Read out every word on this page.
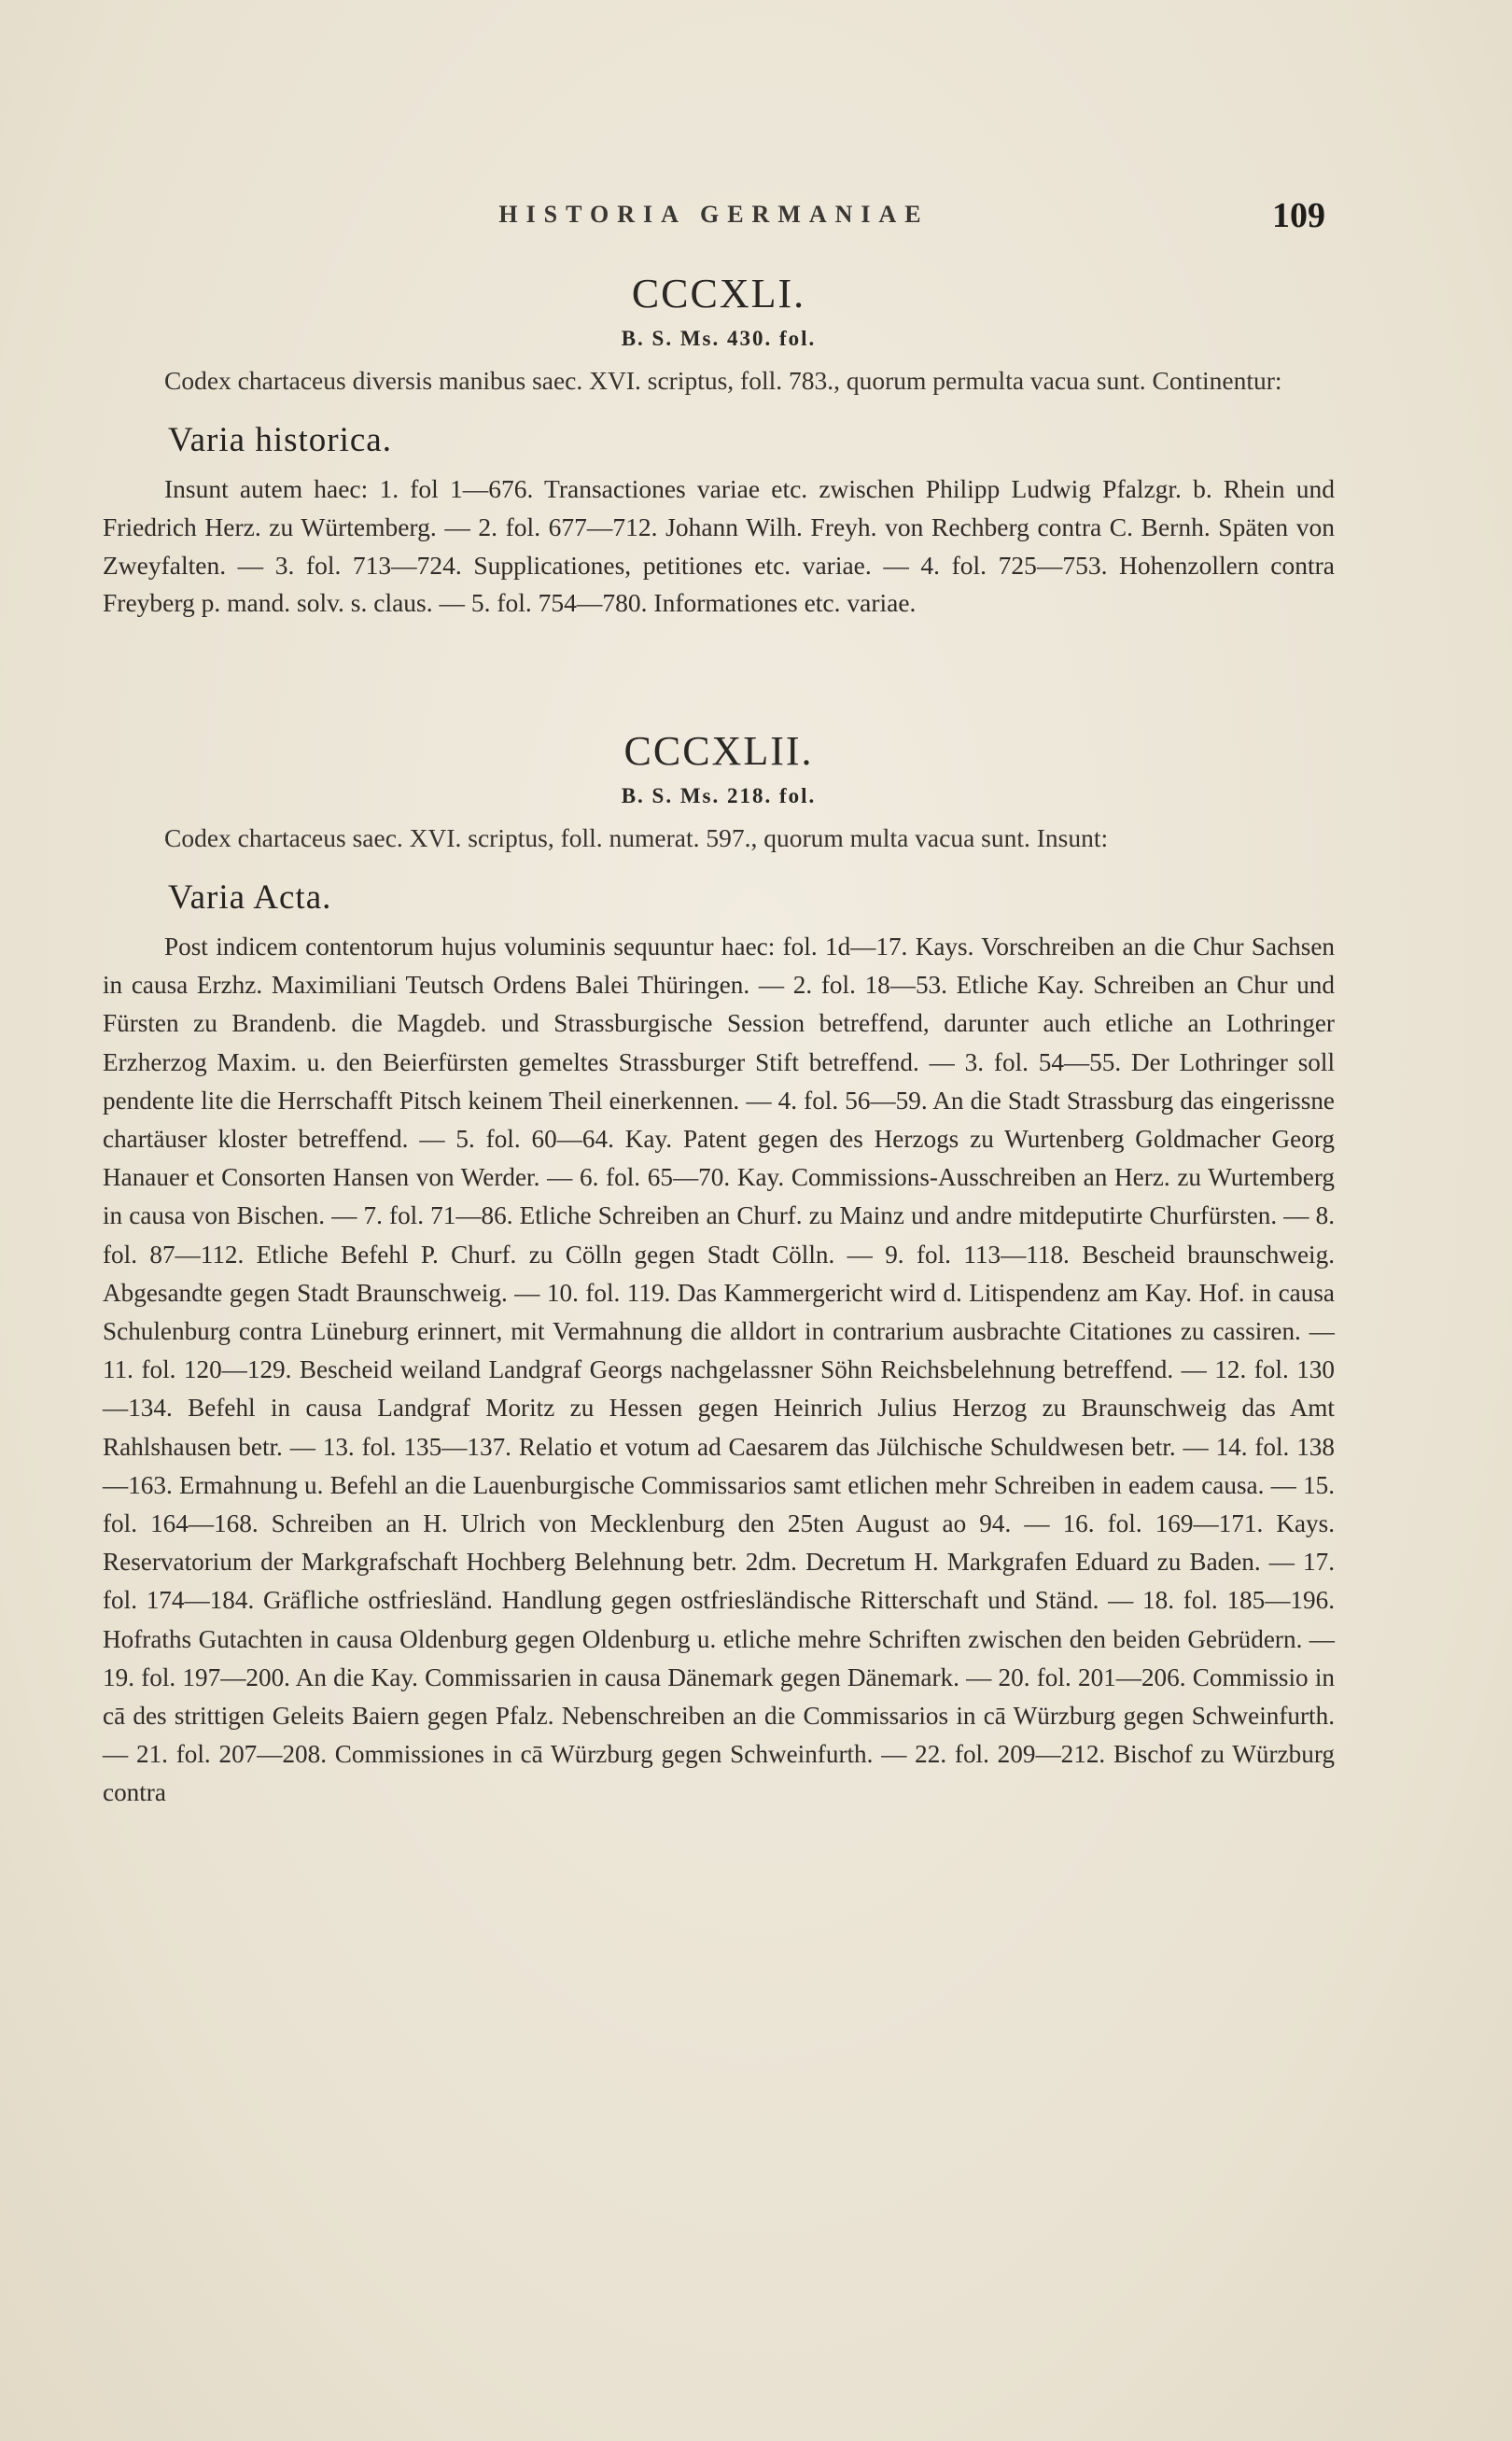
HISTORIA GERMANIAE	109

CCCXLI.

B. S. Ms. 430. fol.

Codex chartaceus diversis manibus saec. XVI. scriptus, foll. 783., quorum permulta vacua sunt. Continentur:

Varia historica.

Insunt autem haec: 1. fol 1—676. Transactiones variae etc. zwischen Philipp Ludwig Pfalzgr. b. Rhein und Friedrich Herz. zu Würtemberg. — 2. fol. 677—712. Johann Wilh. Freyh. von Rechberg contra C. Bernh. Späten von Zweyfalten. — 3. fol. 713—724. Supplicationes, petitiones etc. variae. — 4. fol. 725—753. Hohenzollern contra Freyberg p. mand. solv. s. claus. — 5. fol. 754—780. Informationes etc. variae.

CCCXLII.

B. S. Ms. 218. fol.

Codex chartaceus saec. XVI. scriptus, foll. numerat. 597., quorum multa vacua sunt. Insunt:

Varia Acta.

Post indicem contentorum hujus voluminis sequuntur haec: fol. 1d—17. Kays. Vorschreiben an die Chur Sachsen in causa Erzhz. Maximiliani Teutsch Ordens Balei Thüringen. — 2. fol. 18—53. Etliche Kay. Schreiben an Chur und Fürsten zu Brandenb. die Magdeb. und Strassburgische Session betreffend, darunter auch etliche an Lothringer Erzherzog Maxim. u. den Beierfürsten gemeltes Strassburger Stift betreffend. — 3. fol. 54—55. Der Lothringer soll pendente lite die Herrschafft Pitsch keinem Theil einerkennen. — 4. fol. 56—59. An die Stadt Strassburg das eingerissne chartäuser kloster betreffend. — 5. fol. 60—64. Kay. Patent gegen des Herzogs zu Wurtenberg Goldmacher Georg Hanauer et Consorten Hansen von Werder. — 6. fol. 65—70. Kay. Commissions-Ausschreiben an Herz. zu Wurtemberg in causa von Bischen. — 7. fol. 71—86. Etliche Schreiben an Churf. zu Mainz und andre mitdeputirte Churfürsten. — 8. fol. 87—112. Etliche Befehl P. Churf. zu Cölln gegen Stadt Cölln. — 9. fol. 113—118. Bescheid braunschweig. Abgesandte gegen Stadt Braunschweig. — 10. fol. 119. Das Kammergericht wird d. Litispendenz am Kay. Hof. in causa Schulenburg contra Lüneburg erinnert, mit Vermahnung die alldort in contrarium ausbrachte Citationes zu cassiren. — 11. fol. 120—129. Bescheid weiland Landgraf Georgs nachgelassner Söhn Reichsbelehnung betreffend. — 12. fol. 130—134. Befehl in causa Landgraf Moritz zu Hessen gegen Heinrich Julius Herzog zu Braunschweig das Amt Rahlshausen betr. — 13. fol. 135—137. Relatio et votum ad Caesarem das Jülchische Schuldwesen betr. — 14. fol. 138—163. Ermahnung u. Befehl an die Lauenburgische Commissarios samt etlichen mehr Schreiben in eadem causa. — 15. fol. 164—168. Schreiben an H. Ulrich von Mecklenburg den 25ten August ao 94. — 16. fol. 169—171. Kays. Reservatorium der Markgrafschaft Hochberg Belehnung betr. 2dm. Decretum H. Markgrafen Eduard zu Baden. — 17. fol. 174—184. Gräfliche ostfriesländ. Handlung gegen ostfriesländische Ritterschaft und Ständ. — 18. fol. 185—196. Hofraths Gutachten in causa Oldenburg gegen Oldenburg u. etliche mehre Schriften zwischen den beiden Gebrüdern. — 19. fol. 197—200. An die Kay. Commissarien in causa Dänemark gegen Dänemark. — 20. fol. 201—206. Commissio in cā des strittigen Geleits Baiern gegen Pfalz. Nebenschreiben an die Commissarios in cā Würzburg gegen Schweinfurth. — 21. fol. 207—208. Commissiones in cā Würzburg gegen Schweinfurth. — 22. fol. 209—212. Bischof zu Würzburg contra
